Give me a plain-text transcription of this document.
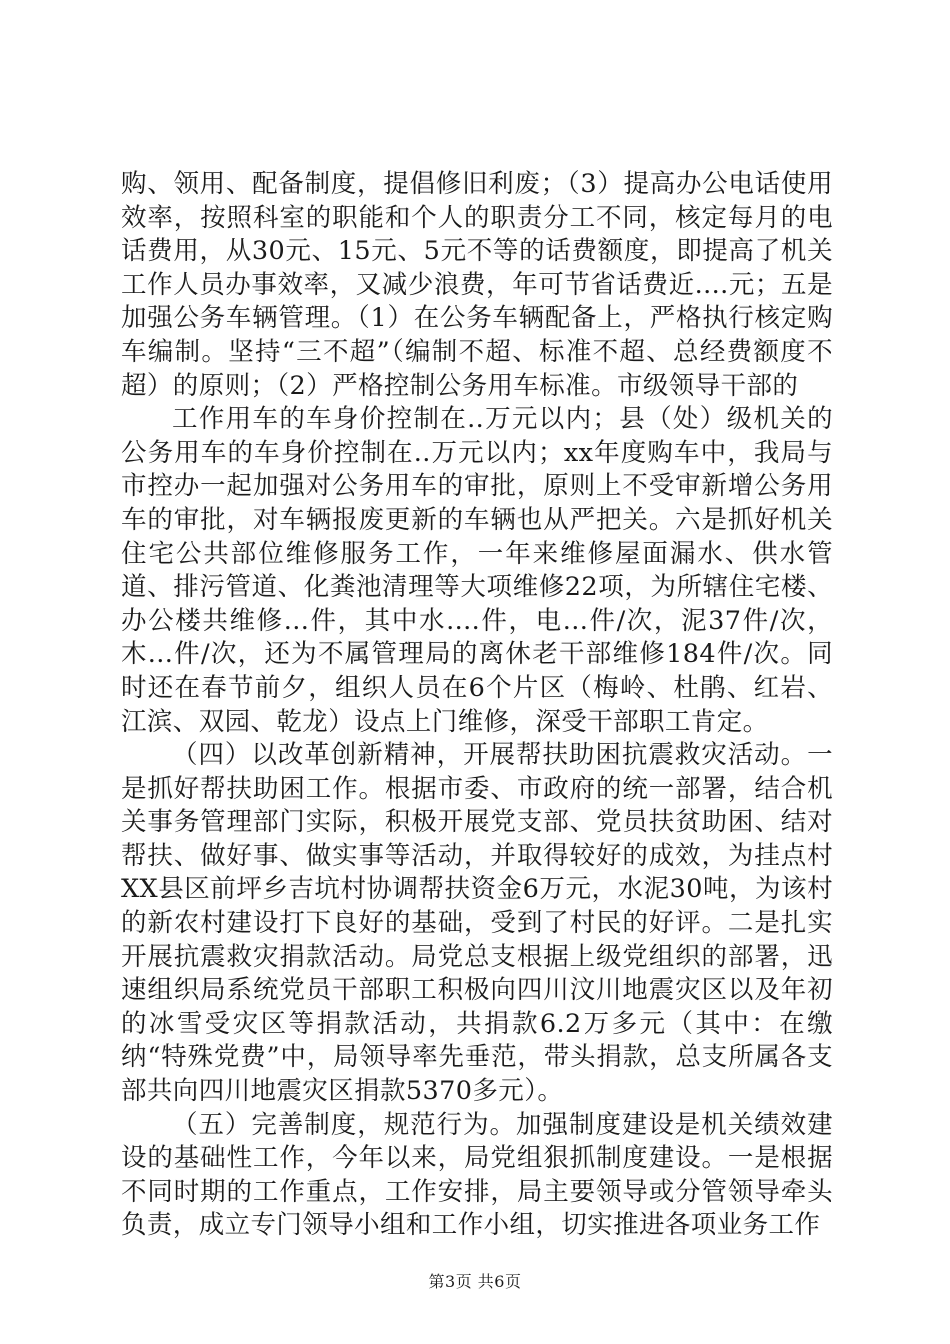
购、领用、配备制度，提倡修旧利废；（3）提高办公电话使用效率，按照科室的职能和个人的职责分工不同，核定每月的电话费用，从30元、15元、5元不等的话费额度，即提高了机关工作人员办事效率，又减少浪费，年可节省话费近....元；五是加强公务车辆管理。（1）在公务车辆配备上，严格执行核定购车编制。坚持“三不超”（编制不超、标准不超、总经费额度不超）的原则；（2）严格控制公务用车标准。市级领导干部的

工作用车的车身价控制在..万元以内；县（处）级机关的公务用车的车身价控制在..万元以内；xx年度购车中，我局与市控办一起加强对公务用车的审批，原则上不受审新增公务用车的审批，对车辆报废更新的车辆也从严把关。六是抓好机关住宅公共部位维修服务工作，一年来维修屋面漏水、供水管道、排污管道、化粪池清理等大项维修22项，为所辖住宅楼、办公楼共维修...件，其中水....件，电...件/次，泥37件/次，木...件/次，还为不属管理局的离休老干部维修184件/次。同时还在春节前夕，组织人员在6个片区（梅岭、杜鹃、红岩、江滨、双园、乾龙）设点上门维修，深受干部职工肯定。

（四）以改革创新精神，开展帮扶助困抗震救灾活动。一是抓好帮扶助困工作。根据市委、市政府的统一部署，结合机关事务管理部门实际，积极开展党支部、党员扶贫助困、结对帮扶、做好事、做实事等活动，并取得较好的成效，为挂点村XX县区前坪乡吉坑村协调帮扶资金6万元，水泥30吨，为该村的新农村建设打下良好的基础，受到了村民的好评。二是扎实开展抗震救灾捐款活动。局党总支根据上级党组织的部署，迅速组织局系统党员干部职工积极向四川汶川地震灾区以及年初的冰雪受灾区等捐款活动，共捐款6.2万多元（其中：在缴纳“特殊党费”中，局领导率先垂范，带头捐款，总支所属各支部共向四川地震灾区捐款5370多元）。

（五）完善制度，规范行为。加强制度建设是机关绩效建设的基础性工作，今年以来，局党组狠抓制度建设。一是根据不同时期的工作重点，工作安排，局主要领导或分管领导牵头负责，成立专门领导小组和工作小组，切实推进各项业务工作

第3页 共6页
